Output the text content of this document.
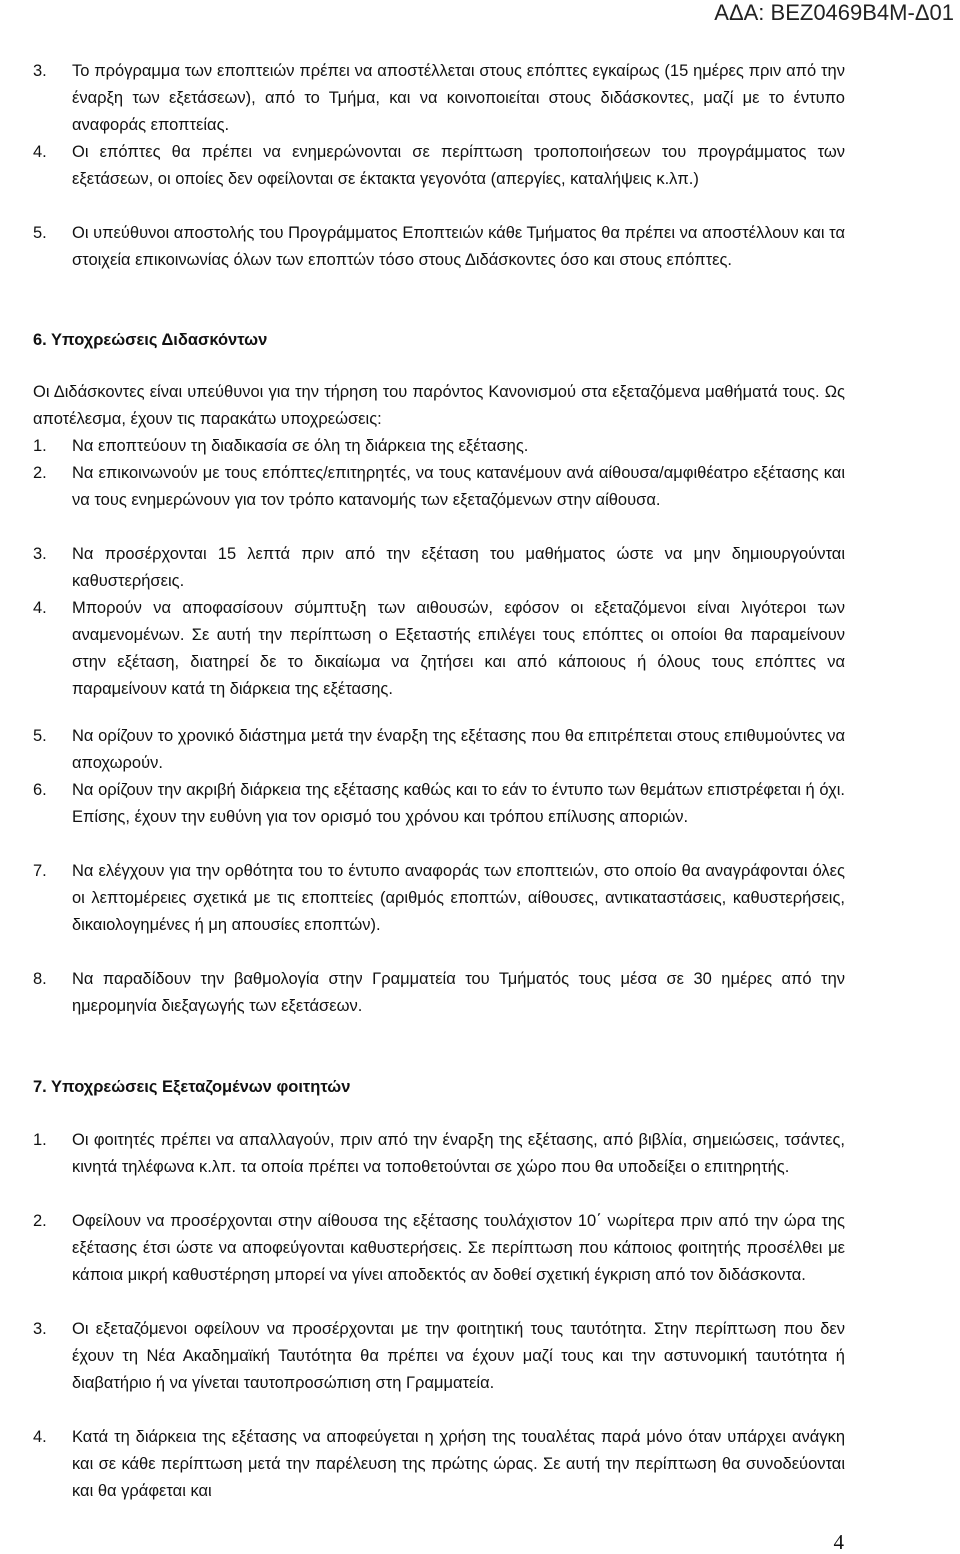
ΑΔΑ: ΒΕΖ0469Β4Μ-Δ01
3.	Το πρόγραμμα των εποπτειών πρέπει να αποστέλλεται στους επόπτες εγκαίρως (15 ημέρες πριν από την έναρξη των εξετάσεων), από το Τμήμα, και να κοινοποιείται στους διδάσκοντες, μαζί με το έντυπο αναφοράς εποπτείας.
4.	Οι επόπτες θα πρέπει να ενημερώνονται σε περίπτωση τροποποιήσεων του προγράμματος των εξετάσεων, οι οποίες δεν οφείλονται σε έκτακτα γεγονότα (απεργίες, καταλήψεις κ.λπ.)
5.	Οι υπεύθυνοι αποστολής του Προγράμματος Εποπτειών κάθε Τμήματος θα πρέπει να αποστέλλουν και τα στοιχεία επικοινωνίας όλων των εποπτών τόσο στους Διδάσκοντες όσο και στους επόπτες.
6. Υποχρεώσεις Διδασκόντων
Οι Διδάσκοντες είναι υπεύθυνοι για την τήρηση του παρόντος Κανονισμού στα εξεταζόμενα μαθήματά τους. Ως αποτέλεσμα, έχουν τις παρακάτω υποχρεώσεις:
1.	Να εποπτεύουν τη διαδικασία σε όλη τη διάρκεια της εξέτασης.
2.	Να επικοινωνούν με τους επόπτες/επιτηρητές, να τους κατανέμουν ανά αίθουσα/αμφιθέατρο εξέτασης και να τους ενημερώνουν για τον τρόπο κατανομής των εξεταζόμενων στην αίθουσα.
3.	Να προσέρχονται 15 λεπτά πριν από την εξέταση του μαθήματος ώστε να μην δημιουργούνται καθυστερήσεις.
4.	Μπορούν να αποφασίσουν σύμπτυξη των αιθουσών, εφόσον οι εξεταζόμενοι είναι λιγότεροι των αναμενομένων. Σε αυτή την περίπτωση ο Εξεταστής επιλέγει τους επόπτες οι οποίοι θα παραμείνουν στην εξέταση, διατηρεί δε το δικαίωμα να ζητήσει και από κάποιους ή όλους τους επόπτες να παραμείνουν κατά τη διάρκεια της εξέτασης.
5.	Να ορίζουν το χρονικό διάστημα μετά την έναρξη της εξέτασης που θα επιτρέπεται στους επιθυμούντες να αποχωρούν.
6.	Να ορίζουν την ακριβή διάρκεια της εξέτασης καθώς και το εάν το έντυπο των θεμάτων επιστρέφεται ή όχι. Επίσης, έχουν την ευθύνη για τον ορισμό του χρόνου και τρόπου επίλυσης αποριών.
7.	Να ελέγχουν για την ορθότητα του το έντυπο αναφοράς των εποπτειών, στο οποίο θα αναγράφονται όλες οι λεπτομέρειες σχετικά με τις εποπτείες (αριθμός εποπτών, αίθουσες, αντικαταστάσεις, καθυστερήσεις, δικαιολογημένες ή μη απουσίες εποπτών).
8.	Να παραδίδουν την βαθμολογία στην Γραμματεία του Τμήματός τους μέσα σε 30 ημέρες από την ημερομηνία διεξαγωγής των εξετάσεων.
7. Υποχρεώσεις Εξεταζομένων φοιτητών
1.	Οι φοιτητές πρέπει να απαλλαγούν, πριν από την έναρξη της εξέτασης, από βιβλία, σημειώσεις, τσάντες, κινητά τηλέφωνα κ.λπ. τα οποία πρέπει να τοποθετούνται σε χώρο που θα υποδείξει ο επιτηρητής.
2.	Οφείλουν να προσέρχονται στην αίθουσα της εξέτασης τουλάχιστον 10΄ νωρίτερα πριν από την ώρα της εξέτασης έτσι ώστε να αποφεύγονται καθυστερήσεις. Σε περίπτωση που κάποιος φοιτητής προσέλθει με κάποια μικρή καθυστέρηση μπορεί να γίνει αποδεκτός αν δοθεί σχετική έγκριση από τον διδάσκοντα.
3.	Οι εξεταζόμενοι οφείλουν να προσέρχονται με την φοιτητική τους ταυτότητα. Στην περίπτωση που δεν έχουν τη Νέα Ακαδημαϊκή Ταυτότητα θα πρέπει να έχουν μαζί τους και την αστυνομική ταυτότητα ή διαβατήριο ή να γίνεται ταυτοπροσώπιση στη Γραμματεία.
4.	Κατά τη διάρκεια της εξέτασης να αποφεύγεται η χρήση της τουαλέτας παρά μόνο όταν υπάρχει ανάγκη και σε κάθε περίπτωση μετά την παρέλευση της πρώτης ώρας. Σε αυτή την περίπτωση θα συνοδεύονται και θα γράφεται και
4
